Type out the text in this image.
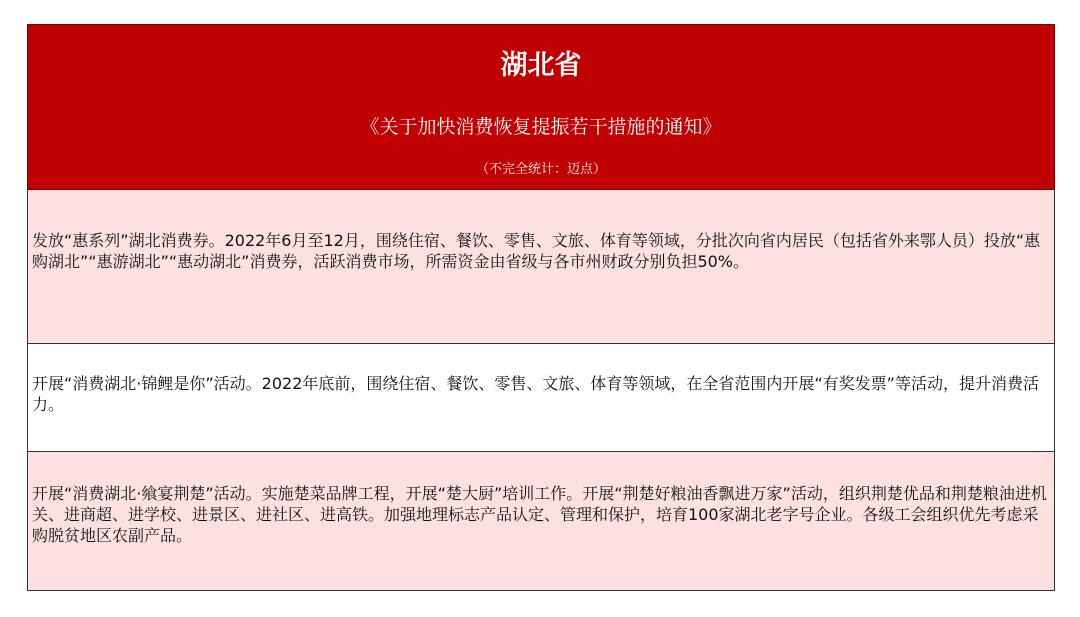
湖北省
《关于加快消费恢复提振若干措施的通知》
（不完全统计：迈点）
发放“惠系列”湖北消费券。2022年6月至12月，围绕住宿、餐饮、零售、文旅、体育等领域，分批次向省内居民（包括省外来鄂人员）投放“惠购湖北”“惠游湖北”“惠动湖北”消费券，活跃消费市场，所需资金由省级与各市州财政分别负担50%。
开展“消费湖北·锦鲤是你”活动。2022年底前，围绕住宿、餐饮、零售、文旅、体育等领域，在全省范围内开展“有奖发票”等活动，提升消费活力。
开展“消费湖北·飨宴荆楚”活动。实施楚菜品牌工程，开展“楚大厨”培训工作。开展“荆楚好粮油香飘进万家”活动，组织荆楚优品和荆楚粮油进机关、进商超、进学校、进景区、进社区、进高铁。加强地理标志产品认定、管理和保护，培育100家湖北老字号企业。各级工会组织优先考虑采购脱贫地区农副产品。
